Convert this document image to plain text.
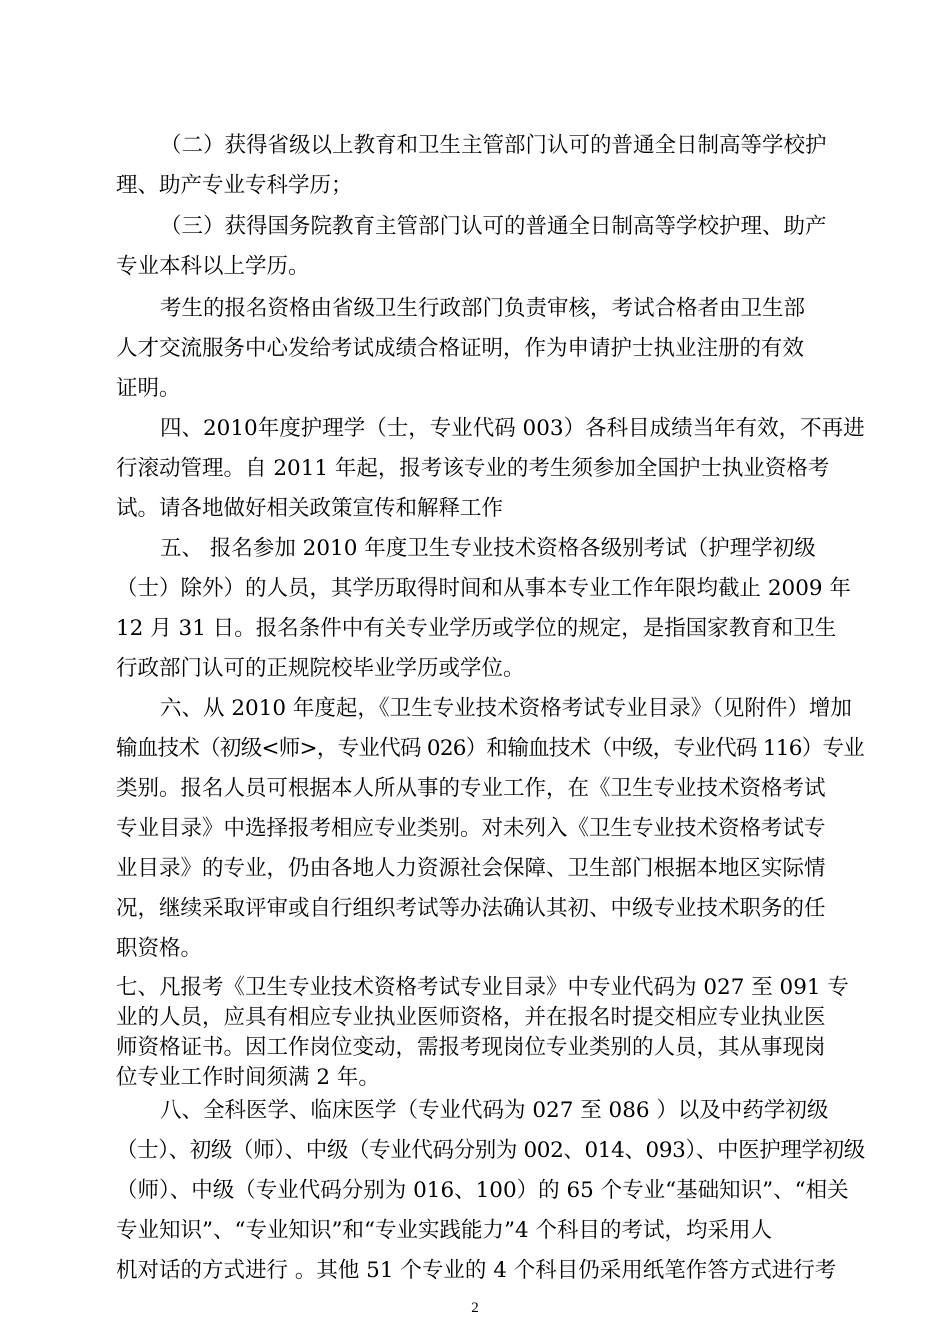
（二）获得省级以上教育和卫生主管部门认可的普通全日制高等学校护

理、助产专业专科学历；

（三）获得国务院教育主管部门认可的普通全日制高等学校护理、助产

专业本科以上学历。

考生的报名资格由省级卫生行政部门负责审核，考试合格者由卫生部

人才交流服务中心发给考试成绩合格证明，作为申请护士执业注册的有效

证明。

四、2010年度护理学（士，专业代码 003）各科目成绩当年有效，不再进

行滚动管理。自 2011 年起，报考该专业的考生须参加全国护士执业资格考

试。请各地做好相关政策宣传和解释工作

五、 报名参加 2010 年度卫生专业技术资格各级别考试（护理学初级

（士）除外）的人员，其学历取得时间和从事本专业工作年限均截止 2009 年

12 月 31 日。报名条件中有关专业学历或学位的规定，是指国家教育和卫生

行政部门认可的正规院校毕业学历或学位。

六、从 2010 年度起，《卫生专业技术资格考试专业目录》（见附件）增加

输血技术（初级<师>，专业代码 026）和输血技术（中级，专业代码 116）专业

类别。报名人员可根据本人所从事的专业工作，在《卫生专业技术资格考试

专业目录》中选择报考相应专业类别。对未列入《卫生专业技术资格考试专

业目录》的专业，仍由各地人力资源社会保障、卫生部门根据本地区实际情

况，继续采取评审或自行组织考试等办法确认其初、中级专业技术职务的任

职资格。

七、凡报考《卫生专业技术资格考试专业目录》中专业代码为 027 至 091 专

业的人员，应具有相应专业执业医师资格，并在报名时提交相应专业执业医

师资格证书。因工作岗位变动，需报考现岗位专业类别的人员，其从事现岗

位专业工作时间须满 2 年。

八、全科医学、临床医学（专业代码为 027 至 086 ）以及中药学初级

（士）、初级（师）、中级（专业代码分别为 002、014、093）、中医护理学初级

（师）、中级（专业代码分别为 016、100）的 65 个专业“基础知识”、“相关

专业知识”、“专业知识”和“专业实践能力”4 个科目的考试，均采用人

机对话的方式进行 。其他 51 个专业的 4 个科目仍采用纸笔作答方式进行考

2
